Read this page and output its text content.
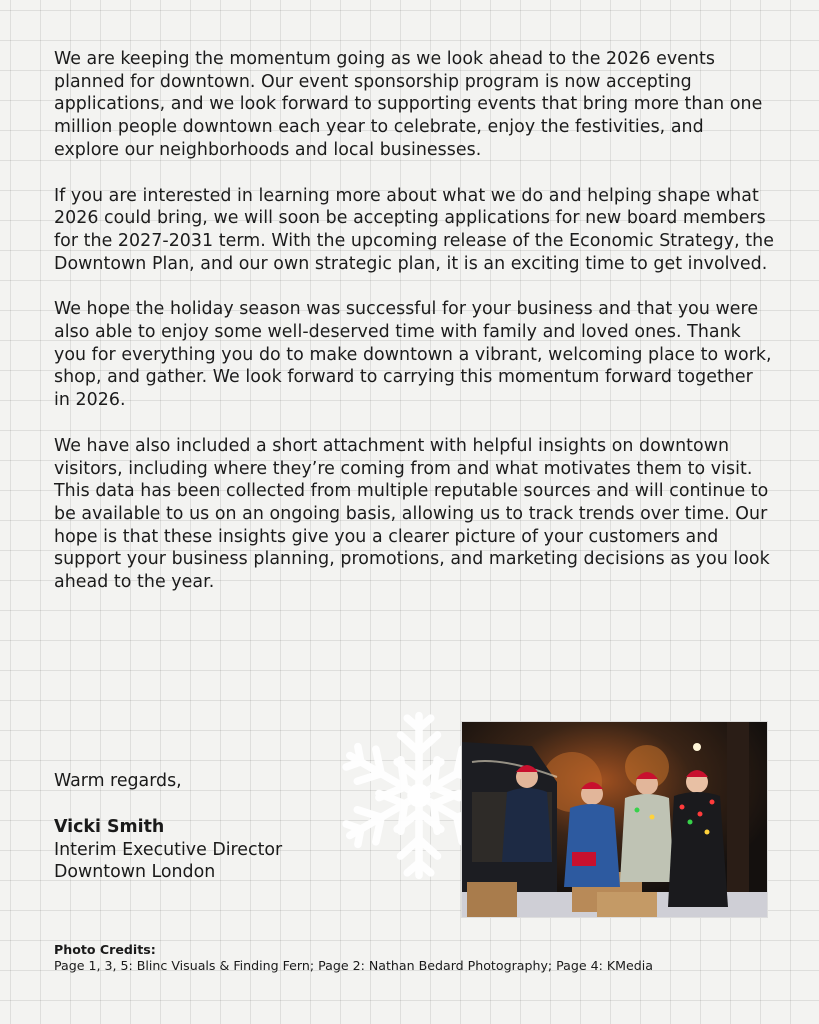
We are keeping the momentum going as we look ahead to the 2026 events planned for downtown. Our event sponsorship program is now accepting applications, and we look forward to supporting events that bring more than one million people downtown each year to celebrate, enjoy the festivities, and explore our neighborhoods and local businesses.

If you are interested in learning more about what we do and helping shape what 2026 could bring, we will soon be accepting applications for new board members for the 2027-2031 term. With the upcoming release of the Economic Strategy, the Downtown Plan, and our own strategic plan, it is an exciting time to get involved.

We hope the holiday season was successful for your business and that you were also able to enjoy some well-deserved time with family and loved ones. Thank you for everything you do to make downtown a vibrant, welcoming place to work, shop, and gather. We look forward to carrying this momentum forward together in 2026.

We have also included a short attachment with helpful insights on downtown visitors, including where they’re coming from and what motivates them to visit. This data has been collected from multiple reputable sources and will continue to be available to us on an ongoing basis, allowing us to track trends over time. Our hope is that these insights give you a clearer picture of your customers and support your business planning, promotions, and marketing decisions as you look ahead to the year.

Warm regards,
Vicki Smith
Interim Executive Director
Downtown London
Photo Credits:
Page 1, 3, 5: Blinc Visuals & Finding Fern; Page 2: Nathan Bedard Photography; Page 4: KMedia
